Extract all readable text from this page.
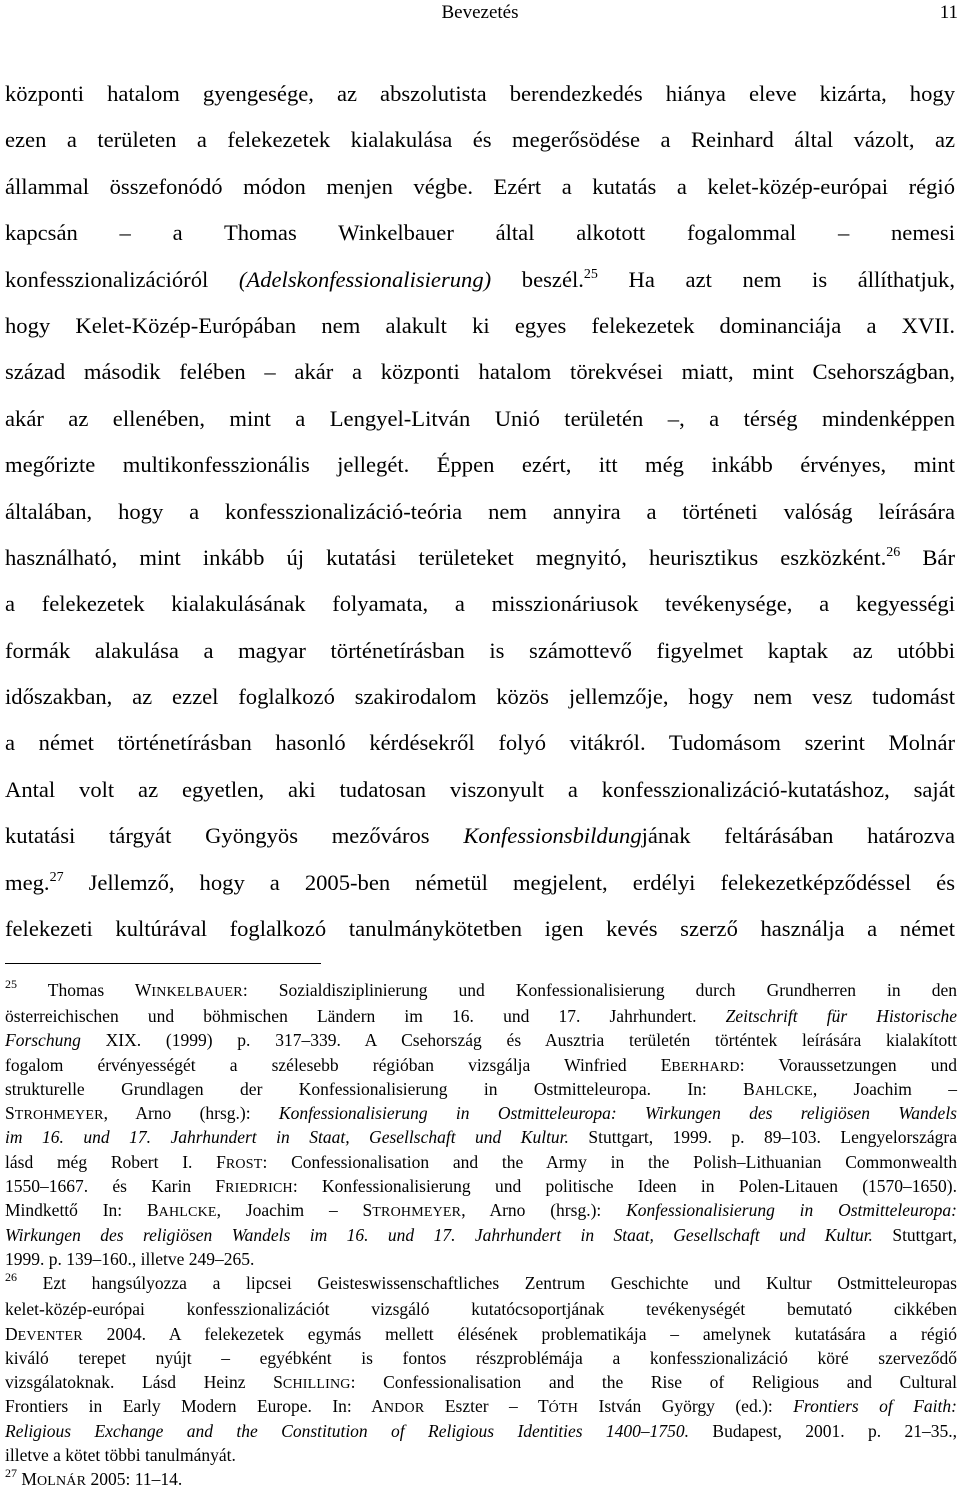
Bevezetés	11
központi hatalom gyengesége, az abszolutista berendezkedés hiánya eleve kizárta, hogy
ezen a területen a felekezetek kialakulása és megerősödése a Reinhard által vázolt, az
állammal összefonódó módon menjen végbe. Ezért a kutatás a kelet-közép-európai régió
kapcsán – a Thomas Winkelbauer által alkotott fogalommal – nemesi
konfesszionalizációról (Adelskonfessionalisierung) beszél.$^{25}$ Ha azt nem is állíthatjuk,
hogy Kelet-Közép-Európában nem alakult ki egyes felekezetek dominanciája a XVII.
század második felében – akár a központi hatalom törekvései miatt, mint Csehországban,
akár az ellenében, mint a Lengyel-Litván Unió területén –, a térség mindenképpen
megőrizte multikonfesszionális jellegét. Éppen ezért, itt még inkább érvényes, mint
általában, hogy a konfesszionalizáció-teória nem annyira a történeti valóság leírására
használható, mint inkább új kutatási területeket megnyitó, heurisztikus eszközként.$^{26}$ Bár
a felekezetek kialakulásának folyamata, a misszionáriusok tevékenysége, a kegyességi
formák alakulása a magyar történetírásban is számottevő figyelmet kaptak az utóbbi
időszakban, az ezzel foglalkozó szakirodalom közös jellemzője, hogy nem vesz tudomást
a német történetírásban hasonló kérdésekről folyó vitákról. Tudomásom szerint Molnár
Antal volt az egyetlen, aki tudatosan viszonyult a konfesszionalizáció-kutatáshoz, saját
kutatási tárgyát Gyöngyös mezőváros Konfessionsbildungjának feltárásában határozva
meg.$^{27}$ Jellemző, hogy a 2005-ben németül megjelent, erdélyi felekezetképződéssel és
felekezeti kultúrával foglalkozó tanulmánykötetben igen kevés szerző használja a német
$^{25}$ Thomas WINKELBAUER: Sozialdisziplinierung und Konfessionalisierung durch Grundherren in den
österreichischen und böhmischen Ländern im 16. und 17. Jahrhundert. Zeitschrift für Historische
Forschung XIX. (1999) p. 317–339. A Csehország és Ausztria területén történtek leírására kialakított
fogalom érvényességét a szélesebb régióban vizsgálja Winfried EBERHARD: Voraussetzungen und
strukturelle Grundlagen der Konfessionalisierung in Ostmitteleuropa. In: BAHLCKE, Joachim –
STROHMEYER, Arno (hrsg.): Konfessionalisierung in Ostmitteleuropa: Wirkungen des religiösen Wandels
im 16. und 17. Jahrhundert in Staat, Gesellschaft und Kultur. Stuttgart, 1999. p. 89–103. Lengyelországra
lásd még Robert I. FROST: Confessionalisation and the Army in the Polish–Lithuanian Commonwealth
1550–1667. és Karin FRIEDRICH: Konfessionalisierung und politische Ideen in Polen-Litauen (1570–1650).
Mindkettő In: BAHLCKE, Joachim – STROHMEYER, Arno (hrsg.): Konfessionalisierung in Ostmitteleuropa:
Wirkungen des religiösen Wandels im 16. und 17. Jahrhundert in Staat, Gesellschaft und Kultur. Stuttgart,
1999. p. 139–160., illetve 249–265.
$^{26}$ Ezt hangsúlyozza a lipcsei Geisteswissenschaftliches Zentrum Geschichte und Kultur Ostmitteleuropas
kelet-közép-európai konfesszionalizációt vizsgáló kutatócsoportjának tevékenységét bemutató cikkében
DEVENTER 2004. A felekezetek egymás mellett élésének problematikája – amelynek kutatására a régió
kiváló terepet nyújt – egyébként is fontos részproblémája a konfesszionalizáció köré szerveződő
vizsgálatoknak. Lásd Heinz SCHILLING: Confessionalisation and the Rise of Religious and Cultural
Frontiers in Early Modern Europe. In: ANDOR Eszter – TÓTH István György (ed.): Frontiers of Faith:
Religious Exchange and the Constitution of Religious Identities 1400–1750. Budapest, 2001. p. 21–35.,
illetve a kötet többi tanulmányát.
$^{27}$ MOLNÁR 2005: 11–14.
